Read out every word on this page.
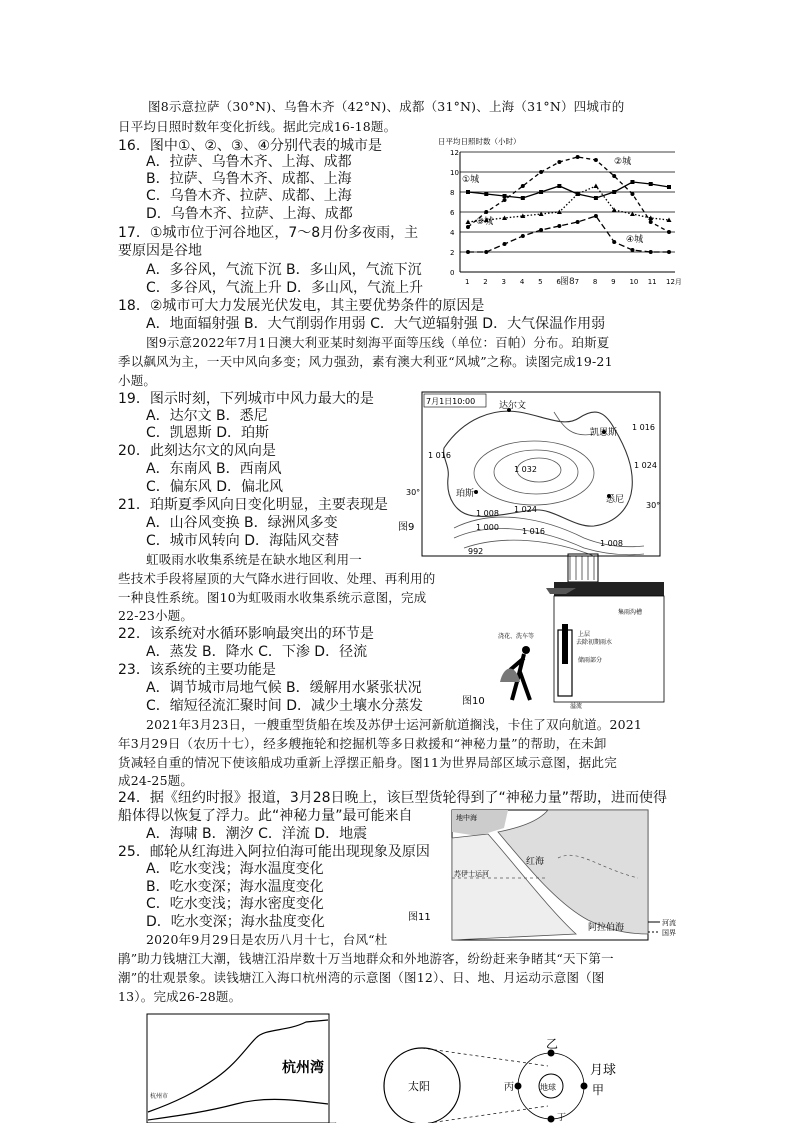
图8示意拉萨（30°N)、乌鲁木齐（42°N)、成都（31°N)、上海（31°N）四城市的
日平均日照时数年变化折线。据此完成16-18题。
16．图中①、②、③、④分别代表的城市是
A．拉萨、乌鲁木齐、上海、成都
B．拉萨、乌鲁木齐、成都、上海
C．乌鲁木齐、拉萨、成都、上海
D．乌鲁木齐、拉萨、上海、成都
17．①城市位于河谷地区，7～8月份多夜雨，主
要原因是谷地
A．多谷风，气流下沉 B．多山风，气流下沉
C．多谷风，气流上升 D．多山风，气流上升
18．②城市可大力发展光伏发电，其主要优势条件的原因是
A．地面辐射强 B．大气削弱作用弱 C．大气逆辐射强 D．大气保温作用弱
图9示意2022年7月1日澳大利亚某时刻海平面等压线（单位：百帕）分布。珀斯夏
季以飙风为主，一天中风向多变；风力强劲，素有澳大利亚“风城”之称。读图完成19-21
小题。
19．图示时刻，下列城市中风力最大的是
A．达尔文 B．悉尼
C．凯恩斯 D．珀斯
20．此刻达尔文的风向是
A．东南风 B．西南风
C．偏东风 D．偏北风
21．珀斯夏季风向日变化明显，主要表现是
A．山谷风变换 B．绿洲风多变
C．城市风转向 D．海陆风交替
虹吸雨水收集系统是在缺水地区利用一
些技术手段将屋顶的大气降水进行回收、处理、再利用的
一种良性系统。图10为虹吸雨水收集系统示意图，完成
22-23小题。
22．该系统对水循环影响最突出的环节是
A．蒸发 B．降水 C．下渗 D．径流
23．该系统的主要功能是
A．调节城市局地气候 B．缓解用水紧张状况
C．缩短径流汇聚时间 D．减少土壤水分蒸发
2021年3月23日，一艘重型货船在埃及苏伊士运河新航道搁浅，卡住了双向航道。2021
年3月29日（农历十七），经多艘拖轮和挖掘机等多日救援和“神秘力量”的帮助，在未卸
货减轻自重的情况下使该船成功重新上浮摆正船身。图11为世界局部区域示意图，据此完
成24-25题。
24．据《纽约时报》报道，3月28日晚上，该巨型货轮得到了“神秘力量”帮助，进而使得
船体得以恢复了浮力。此“神秘力量”最可能来自
A．海啸 B．潮汐 C．洋流 D．地震
25．邮轮从红海进入阿拉伯海可能出现现象及原因
A．吃水变浅；海水温度变化
B．吃水变深；海水温度变化
C．吃水变浅；海水密度变化
D．吃水变深；海水盐度变化
2020年9月29日是农历八月十七，台风“杜
鹃”助力钱塘江大潮，钱塘江沿岸数十万当地群众和外地游客，纷纷赶来争睹其“天下第一
潮”的壮观景象。读钱塘江入海口杭州湾的示意图（图12）、日、地、月运动示意图（图
13）。完成26-28题。
日平均日照时数（小时）
0
2
4
6
8
10
12
1 2 3 4 5 6 7 8 9 10 11 12月
②城
①城
③城
④城
图8
7月1日10:00	达尔文
凯恩斯
珀斯
悉尼
1 016
1 016
1 024
1 032
1 024
1 016
1 008
1 000
1 008
992
30°
30°
图9
集雨沟槽
上层
去除初期雨水
储雨部分
浇花、洗车等
溢流
图10
地中海
苏伊士运河
红海
阿拉伯海	河流
国界
图11
杭州湾
杭州市
太阳	地球
月球
甲
乙
丙
丁
